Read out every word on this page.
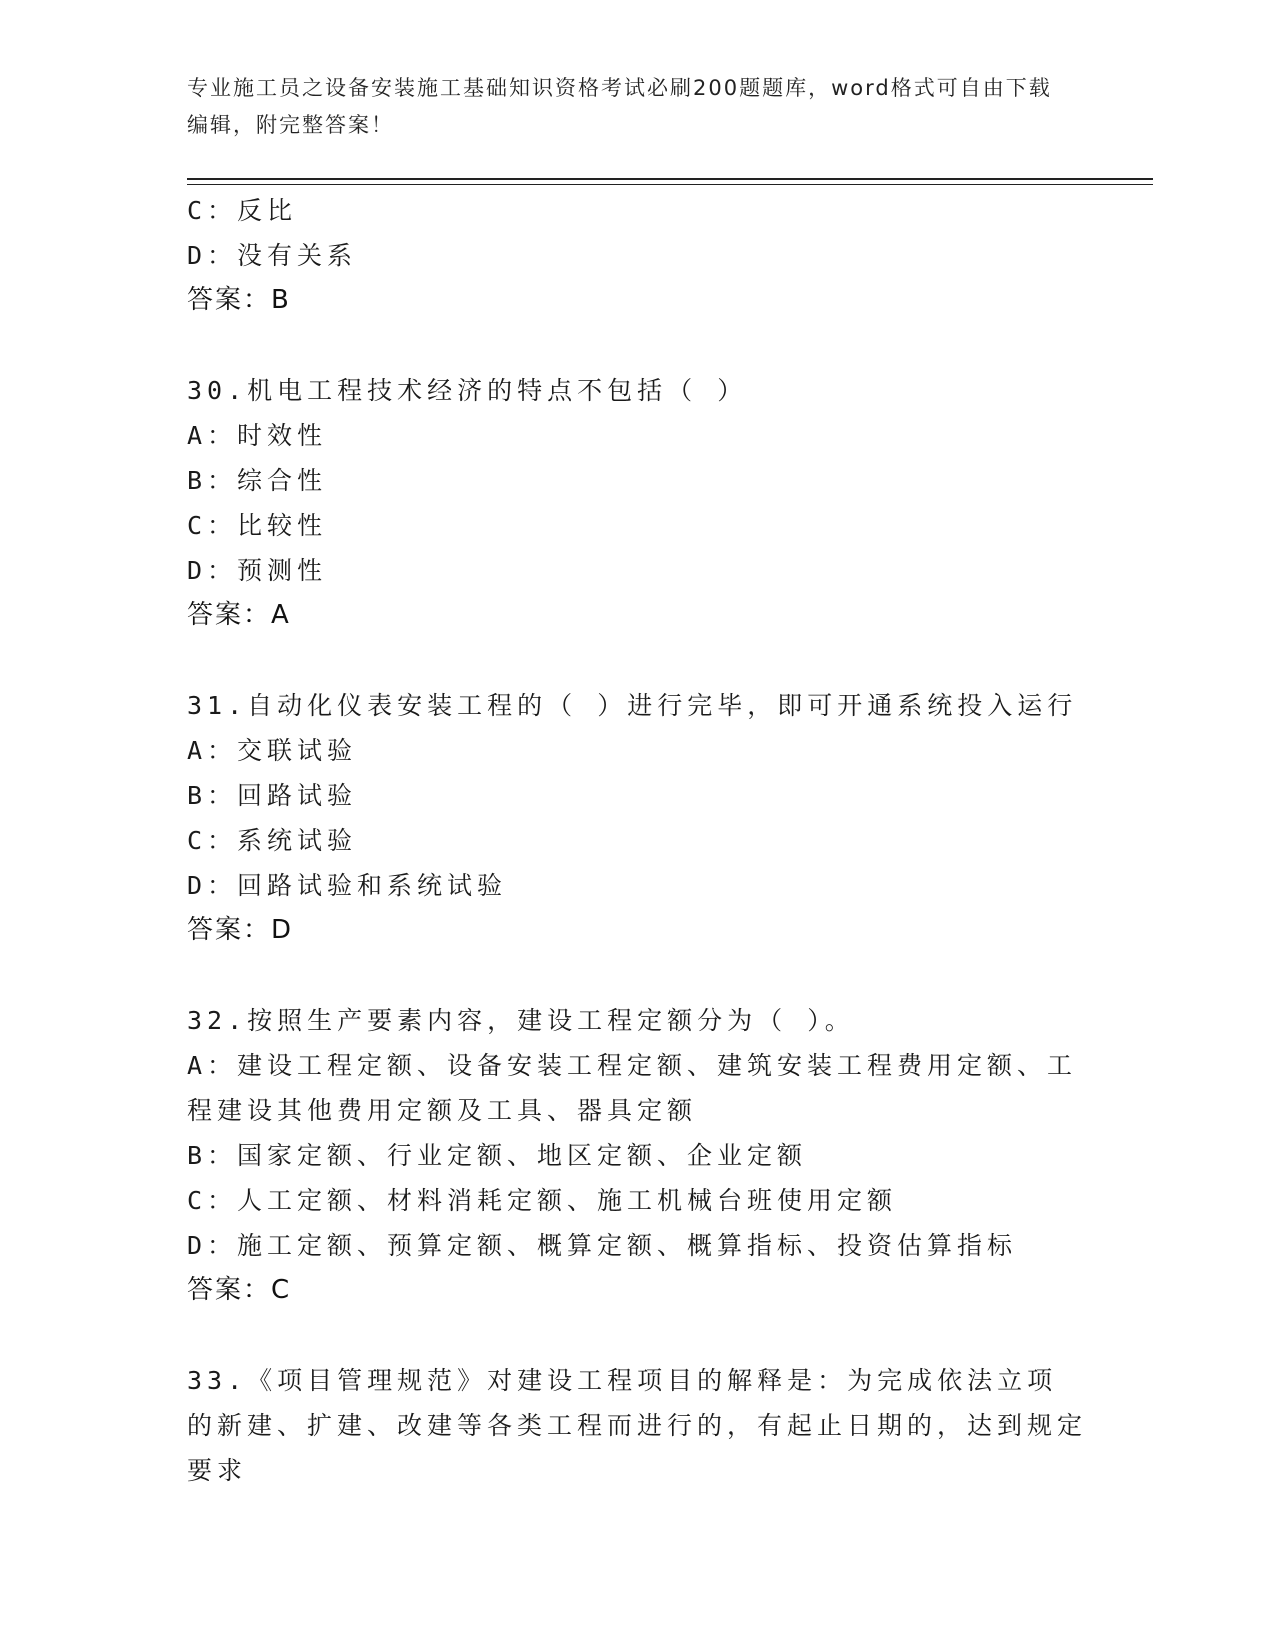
专业施工员之设备安装施工基础知识资格考试必刷200题题库，word格式可自由下载编辑，附完整答案！
C：反比
D：没有关系
答案：B
30.机电工程技术经济的特点不包括（ ）
A：时效性
B：综合性
C：比较性
D：预测性
答案：A
31.自动化仪表安装工程的（ ）进行完毕，即可开通系统投入运行
A：交联试验
B：回路试验
C：系统试验
D：回路试验和系统试验
答案：D
32.按照生产要素内容，建设工程定额分为（ ）。
A：建设工程定额、设备安装工程定额、建筑安装工程费用定额、工程建设其他费用定额及工具、器具定额
B：国家定额、行业定额、地区定额、企业定额
C：人工定额、材料消耗定额、施工机械台班使用定额
D：施工定额、预算定额、概算定额、概算指标、投资估算指标
答案：C
33.《项目管理规范》对建设工程项目的解释是：为完成依法立项的新建、扩建、改建等各类工程而进行的，有起止日期的，达到规定要求
